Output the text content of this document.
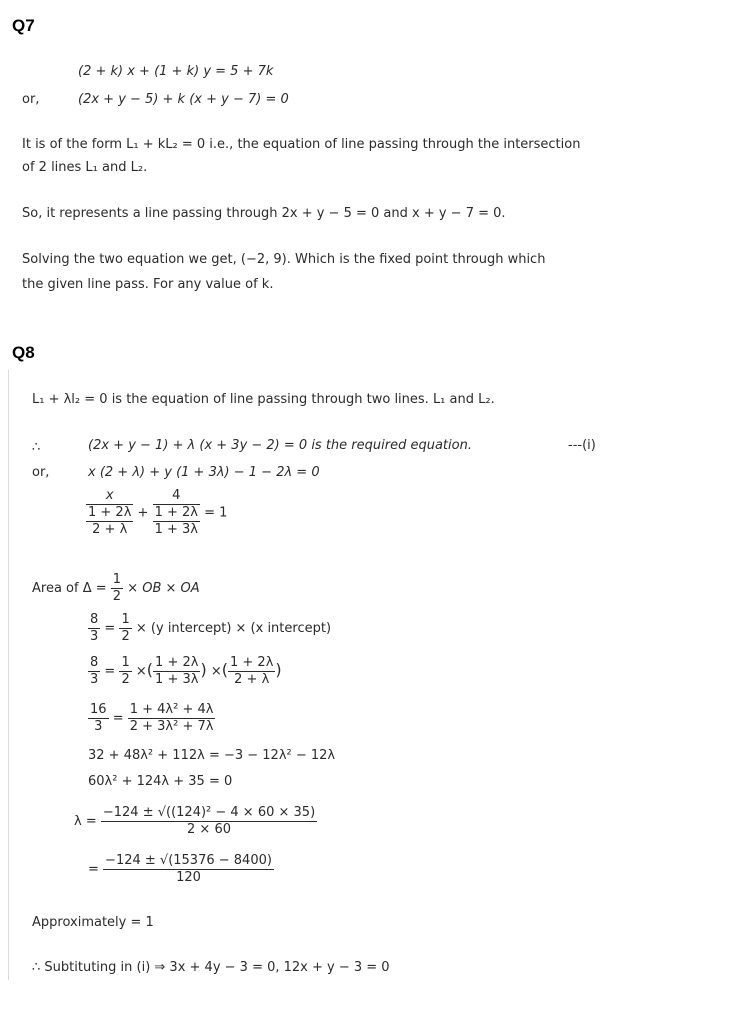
Q7
(2 + k) x + (1 + k) y = 5 + 7k
or,	(2x + y − 5) + k (x + y − 7) = 0
It is of the form L₁ + kL₂ = 0 i.e., the equation of line passing through the intersection
of 2 lines L₁ and L₂.
So, it represents a line passing through 2x + y − 5 = 0 and x + y − 7 = 0.
Solving the two equation we get, (−2, 9). Which is the fixed point through which
the given line pass. For any value of k.
Q8
L₁ + λl₂ = 0 is the equation of line passing through two lines. L₁ and L₂.
∴	(2x + y − 1) + λ (x + 3y − 2) = 0 is the required equation.	---(i)
or,	x (2 + λ) + y (1 + 3λ) − 1 − 2λ = 0
$\frac{\frac{x}{1 + 2\lambda}}{2 + \lambda} + \frac{\frac{4}{1 + 2\lambda}}{1 + 3\lambda} = 1$
Area of $\Delta = \frac{1}{2}$ × OB × OA
$\frac{8}{3} = \frac{1}{2} \times (y$ intercept) × (x intercept)
$\frac{8}{3} = \frac{1}{2}$ ×( $\frac{1 + 2\lambda}{1 + 3\lambda}$ ) ×( $\frac{1 + 2\lambda}{2 + \lambda}$ )
$\frac{16}{3} = \frac{\text{1 + 4λ² + 4λ}}{\text{2 + 3λ² + 7λ}}$
32 + 48λ² + 112λ = −3 − 12λ² − 12λ
60λ² + 124λ + 35 = 0
$\lambda = \frac{\text{−124 ± √((124)² − 4 × 60 × 35)}}{2 \times 60}$
= $\frac{-124 \pm √(15376 - 8400)}{120}$
Approximately = 1
∴ Subtituting in (i) ⇒ 3x + 4y − 3 = 0, 12x + y − 3 = 0
